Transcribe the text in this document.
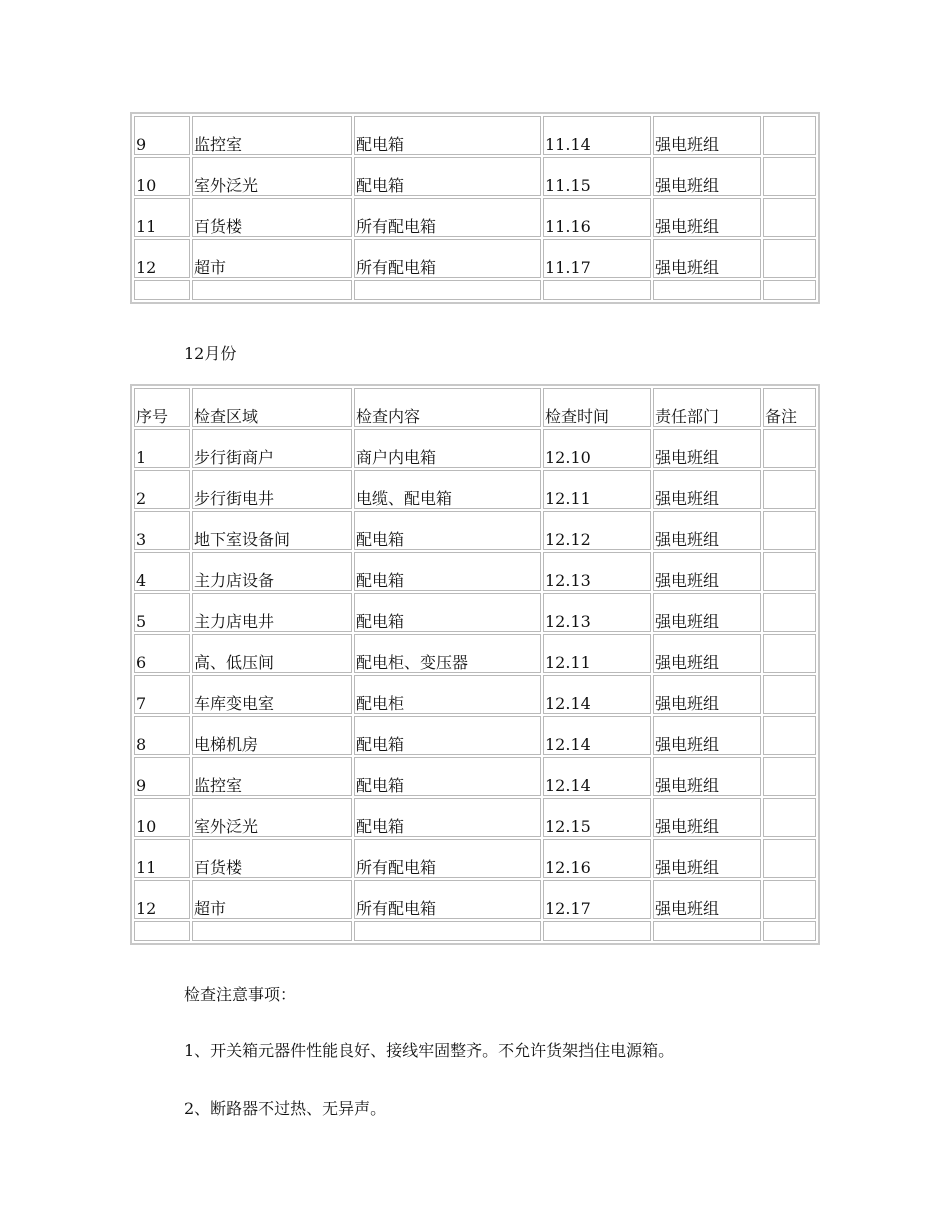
9	监控室	配电箱	11.14	强电班组	
10	室外泛光	配电箱	11.15	强电班组	
11	百货楼	所有配电箱	11.16	强电班组	
12	超市	所有配电箱	11.17	强电班组	

12月份
序号	检查区域	检查内容	检查时间	责任部门	备注
1	步行街商户	商户内电箱	12.10	强电班组	
2	步行街电井	电缆、配电箱	12.11	强电班组	
3	地下室设备间	配电箱	12.12	强电班组	
4	主力店设备	配电箱	12.13	强电班组	
5	主力店电井	配电箱	12.13	强电班组	
6	高、低压间	配电柜、变压器	12.11	强电班组	
7	车库变电室	配电柜	12.14	强电班组	
8	电梯机房	配电箱	12.14	强电班组	
9	监控室	配电箱	12.14	强电班组	
10	室外泛光	配电箱	12.15	强电班组	
11	百货楼	所有配电箱	12.16	强电班组	
12	超市	所有配电箱	12.17	强电班组	

检查注意事项：
1、开关箱元器件性能良好、接线牢固整齐。不允许货架挡住电源箱。
2、断路器不过热、无异声。
